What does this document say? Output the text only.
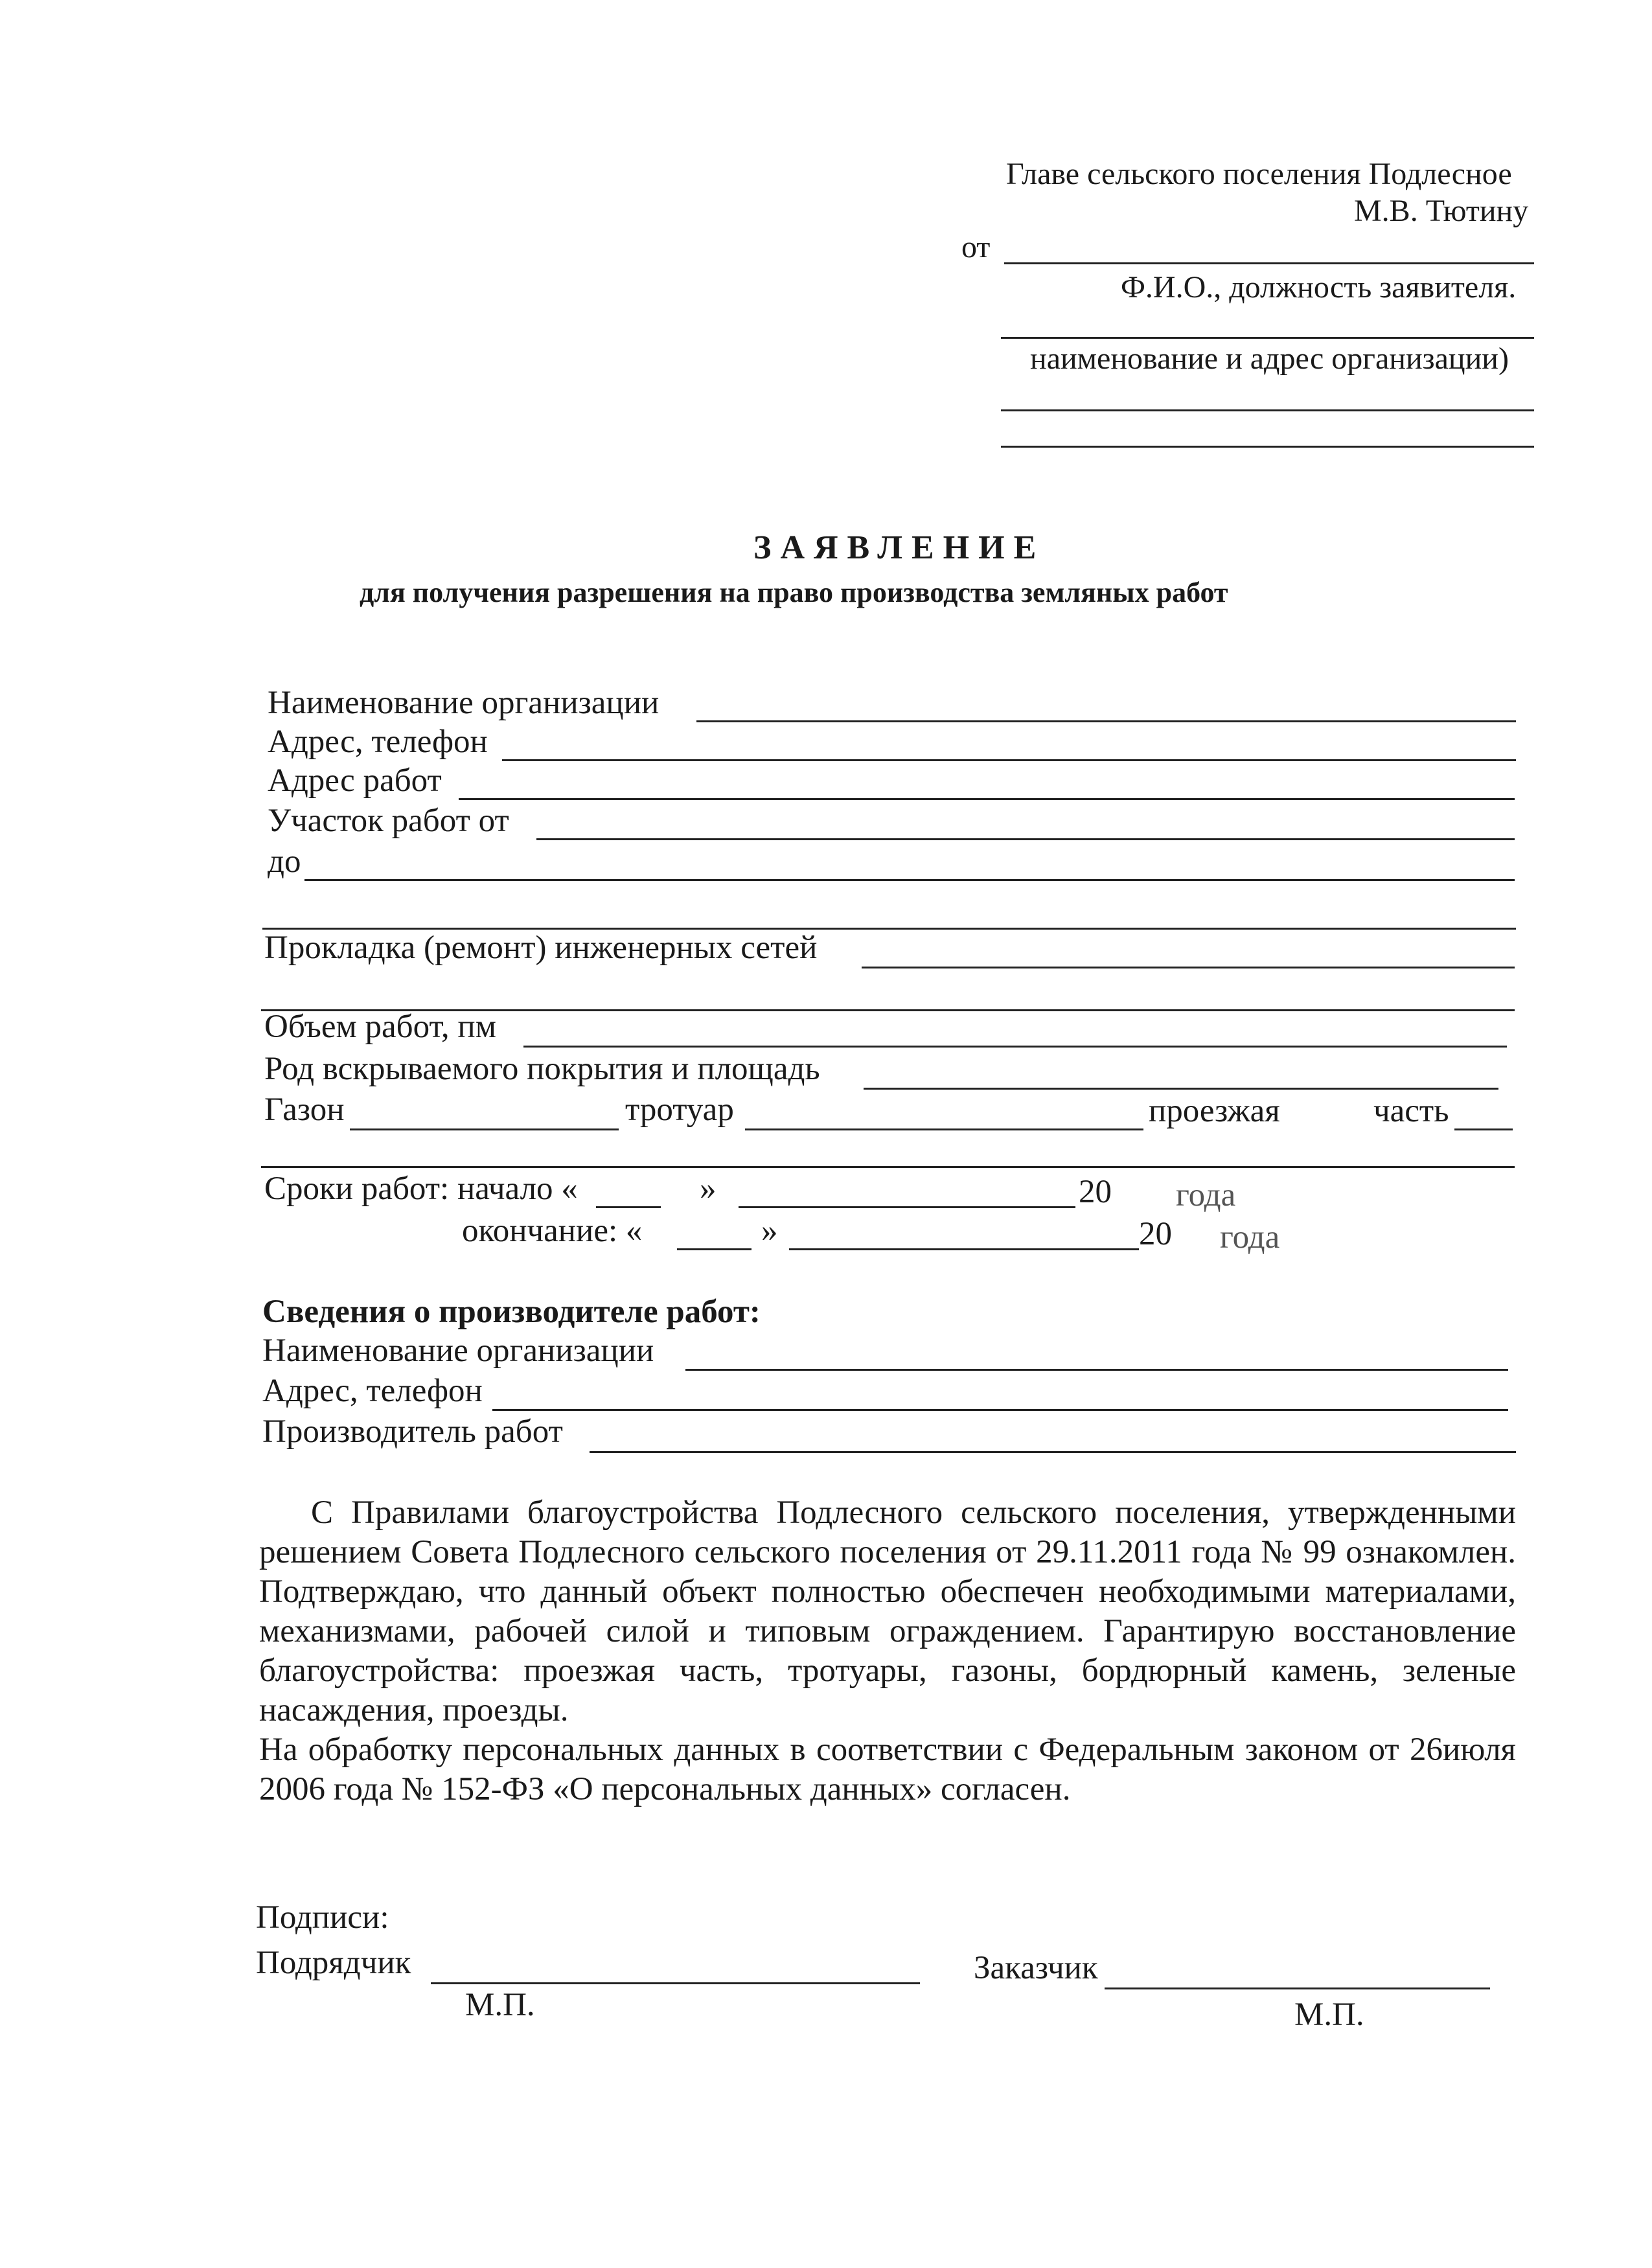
Главе сельского поселения Подлесное
М.В. Тютину
от
Ф.И.О., должность заявителя.
наименование и адрес организации)
ЗАЯВЛЕНИЕ
для получения разрешения на право производства земляных работ
Наименование организации
Адрес, телефон
Адрес работ
Участок работ от
до
Прокладка (ремонт) инженерных сетей
Объем работ, пм
Род вскрываемого покрытия и площадь
Газон	тротуар	проезжая	часть
Сроки работ: начало «	»	20 года
окончание: «	»	20 года
Сведения о производителе работ:
Наименование организации
Адрес, телефон
Производитель работ

С Правилами благоустройства Подлесного сельского поселения, утвержденными решением Совета Подлесного сельского поселения от 29.11.2011 года № 99 ознакомлен. Подтверждаю, что данный объект полностью обеспечен необходимыми материалами, механизмами, рабочей силой и типовым ограждением. Гарантирую восстановление благоустройства: проезжая часть, тротуары, газоны, бордюрный камень, зеленые насаждения, проезды.

На обработку персональных данных в соответствии с Федеральным законом от 26июля 2006 года № 152-ФЗ «О персональных данных» согласен.

Подписи:
Подрядчик
М.П.
Заказчик
М.П.
